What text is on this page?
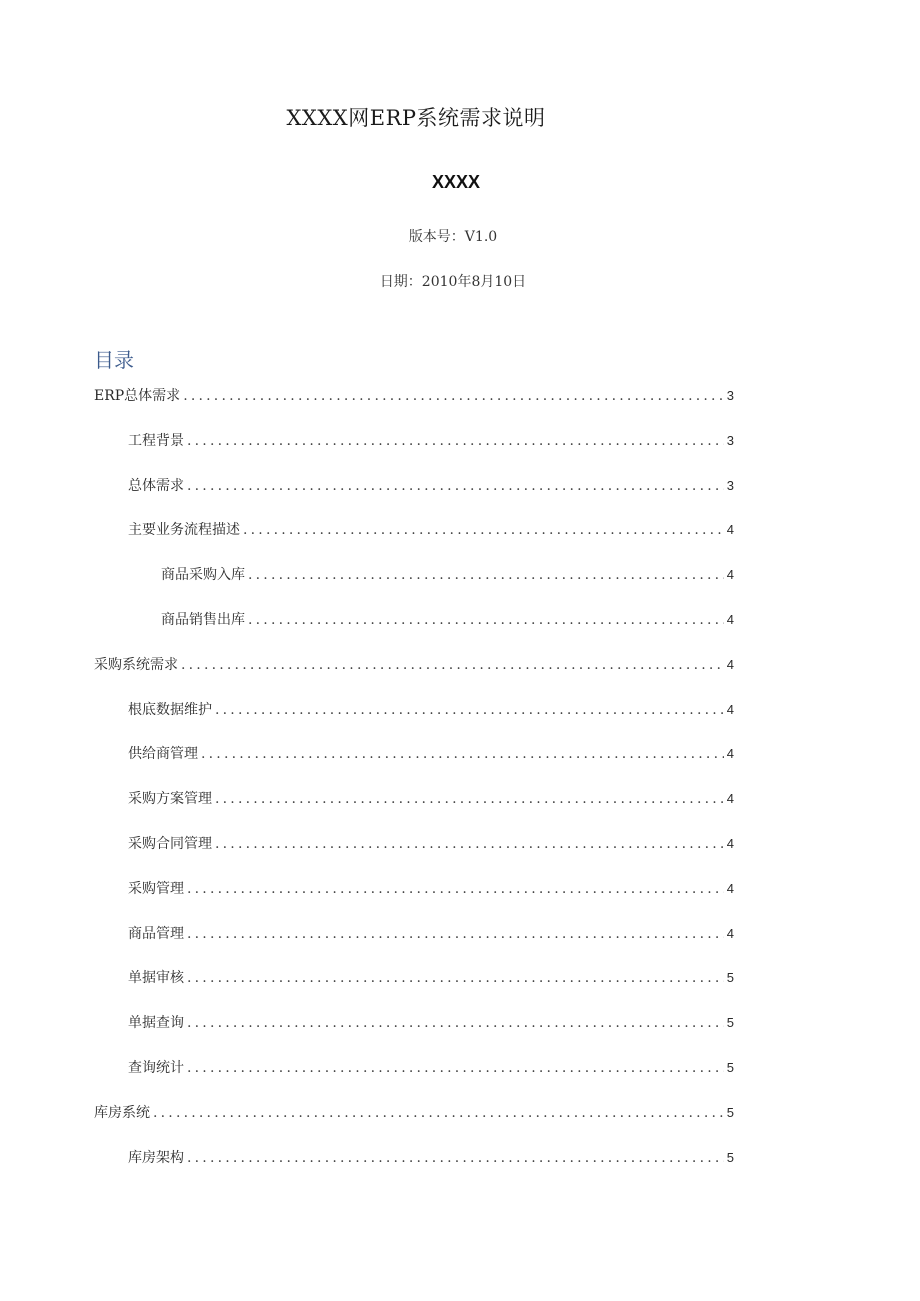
XXXX网ERP系统需求说明
XXXX
版本号：V1.0
日期：2010年8月10日
目录
ERP总体需求 .....	3
工程背景 .....	3
总体需求 .....	3
主要业务流程描述 .....	4
商品采购入库 .....	4
商品销售出库 .....	4
采购系统需求 .....	4
根底数据维护 .....	4
供给商管理 .....	4
采购方案管理 .....	4
采购合同管理 .....	4
采购管理 .....	4
商品管理 .....	4
单据审核 .....	5
单据查询 .....	5
查询统计 .....	5
库房系统 .....	5
库房架构 .....	5
